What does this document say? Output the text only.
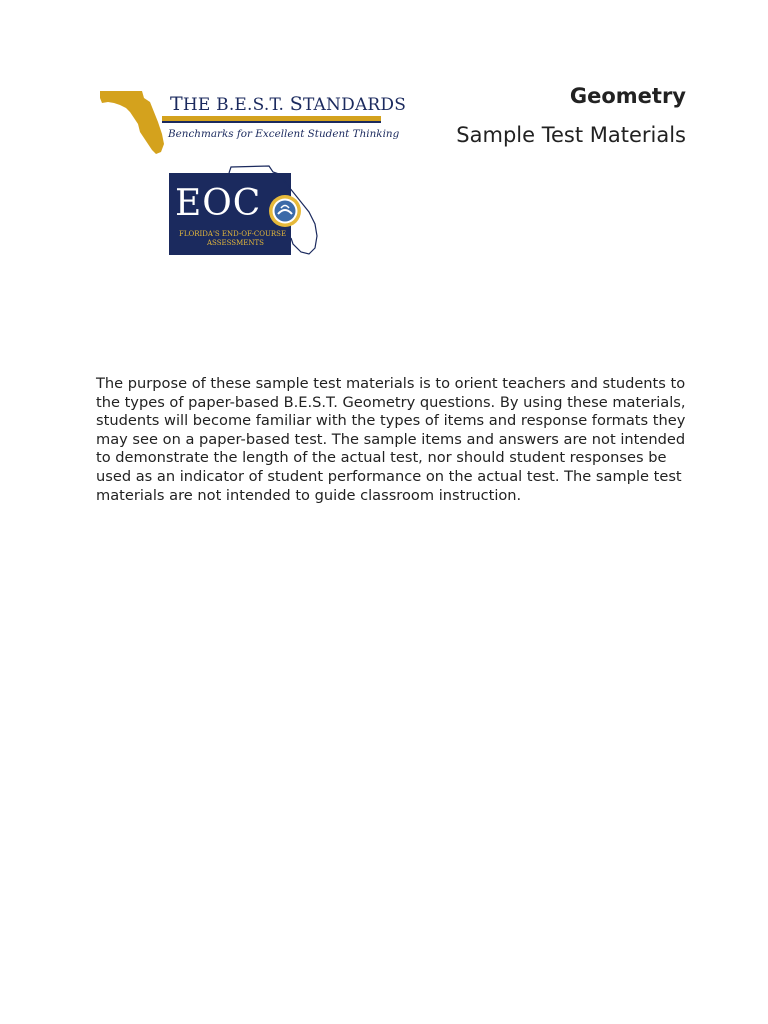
THE B.E.S.T. STANDARDS
Benchmarks for Excellent Student Thinking
Geometry
Sample Test Materials
EOC
FLORIDA'S END-OF-COURSE
ASSESSMENTS

The purpose of these sample test materials is to orient teachers and students to the types of paper-based B.E.S.T. Geometry questions. By using these materials, students will become familiar with the types of items and response formats they may see on a paper-based test. The sample items and answers are not intended to demonstrate the length of the actual test, nor should student responses be used as an indicator of student performance on the actual test. The sample test materials are not intended to guide classroom instruction.
